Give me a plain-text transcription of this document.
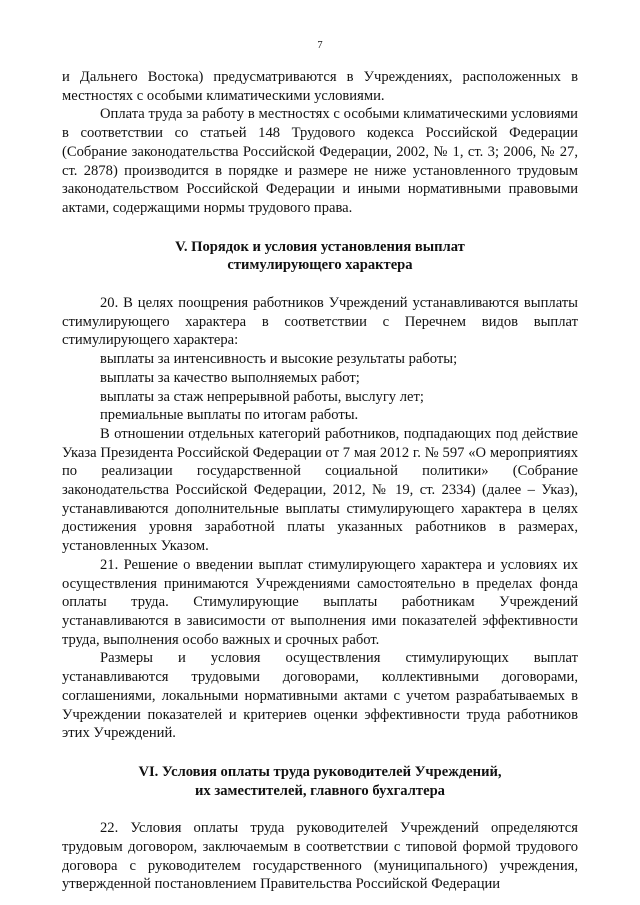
7

и Дальнего Востока) предусматриваются в Учреждениях, расположенных в местностях с особыми климатическими условиями.

Оплата труда за работу в местностях с особыми климатическими условиями в соответствии со статьей 148 Трудового кодекса Российской Федерации (Собрание законодательства Российской Федерации, 2002, № 1, ст. 3; 2006, № 27, ст. 2878) производится в порядке и размере не ниже установленного трудовым законодательством Российской Федерации и иными нормативными правовыми актами, содержащими нормы трудового права.

V. Порядок и условия установления выплат
стимулирующего характера

20. В целях поощрения работников Учреждений устанавливаются выплаты стимулирующего характера в соответствии с Перечнем видов выплат стимулирующего характера:

выплаты за интенсивность и высокие результаты работы;

выплаты за качество выполняемых работ;

выплаты за стаж непрерывной работы, выслугу лет;

премиальные выплаты по итогам работы.

В отношении отдельных категорий работников, подпадающих под действие Указа Президента Российской Федерации от 7 мая 2012 г. № 597 «О мероприятиях по реализации государственной социальной политики» (Собрание законодательства Российской Федерации, 2012, № 19, ст. 2334) (далее – Указ), устанавливаются дополнительные выплаты стимулирующего характера в целях достижения уровня заработной платы указанных работников в размерах, установленных Указом.

21. Решение о введении выплат стимулирующего характера и условиях их осуществления принимаются Учреждениями самостоятельно в пределах фонда оплаты труда. Стимулирующие выплаты работникам Учреждений устанавливаются в зависимости от выполнения ими показателей эффективности труда, выполнения особо важных и срочных работ.

Размеры и условия осуществления стимулирующих выплат устанавливаются трудовыми договорами, коллективными договорами, соглашениями, локальными нормативными актами с учетом разрабатываемых в Учреждении показателей и критериев оценки эффективности труда работников этих Учреждений.

VI. Условия оплаты труда руководителей Учреждений,
их заместителей, главного бухгалтера

22. Условия оплаты труда руководителей Учреждений определяются трудовым договором, заключаемым в соответствии с типовой формой трудового договора с руководителем государственного (муниципального) учреждения, утвержденной постановлением Правительства Российской Федерации
